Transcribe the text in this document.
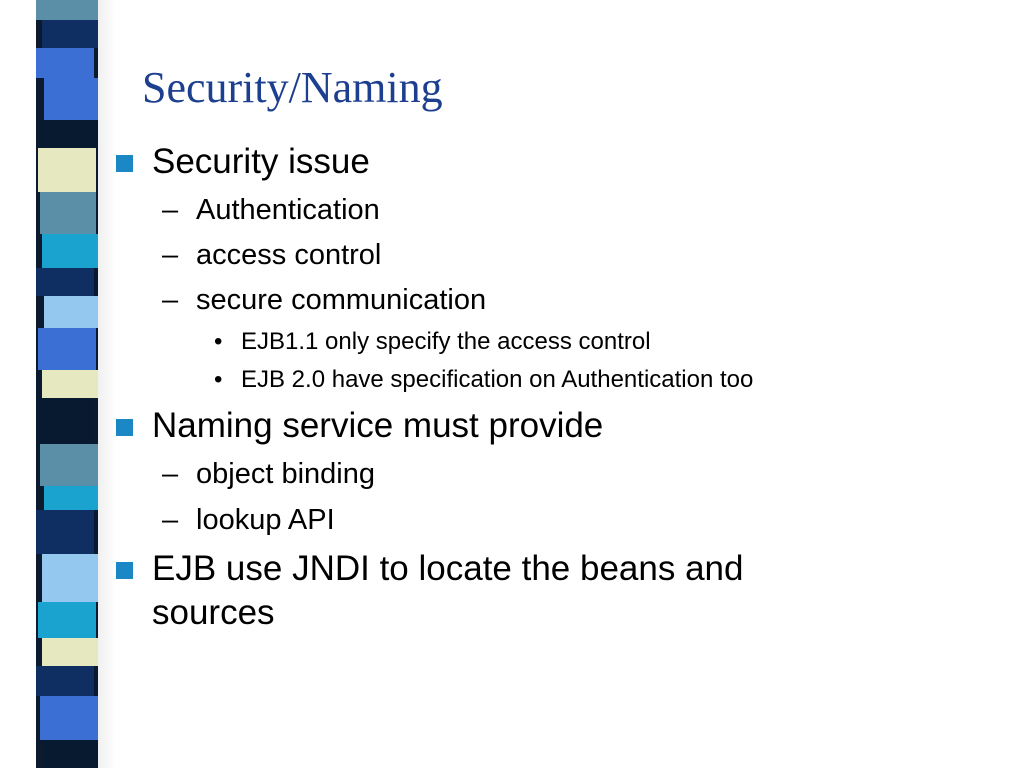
Security/Naming
Security issue
– Authentication
– access control
– secure communication
• EJB1.1 only specify the access control
• EJB 2.0 have specification on Authentication too
Naming service must provide
– object binding
– lookup API
EJB use JNDI to locate the beans and
sources
